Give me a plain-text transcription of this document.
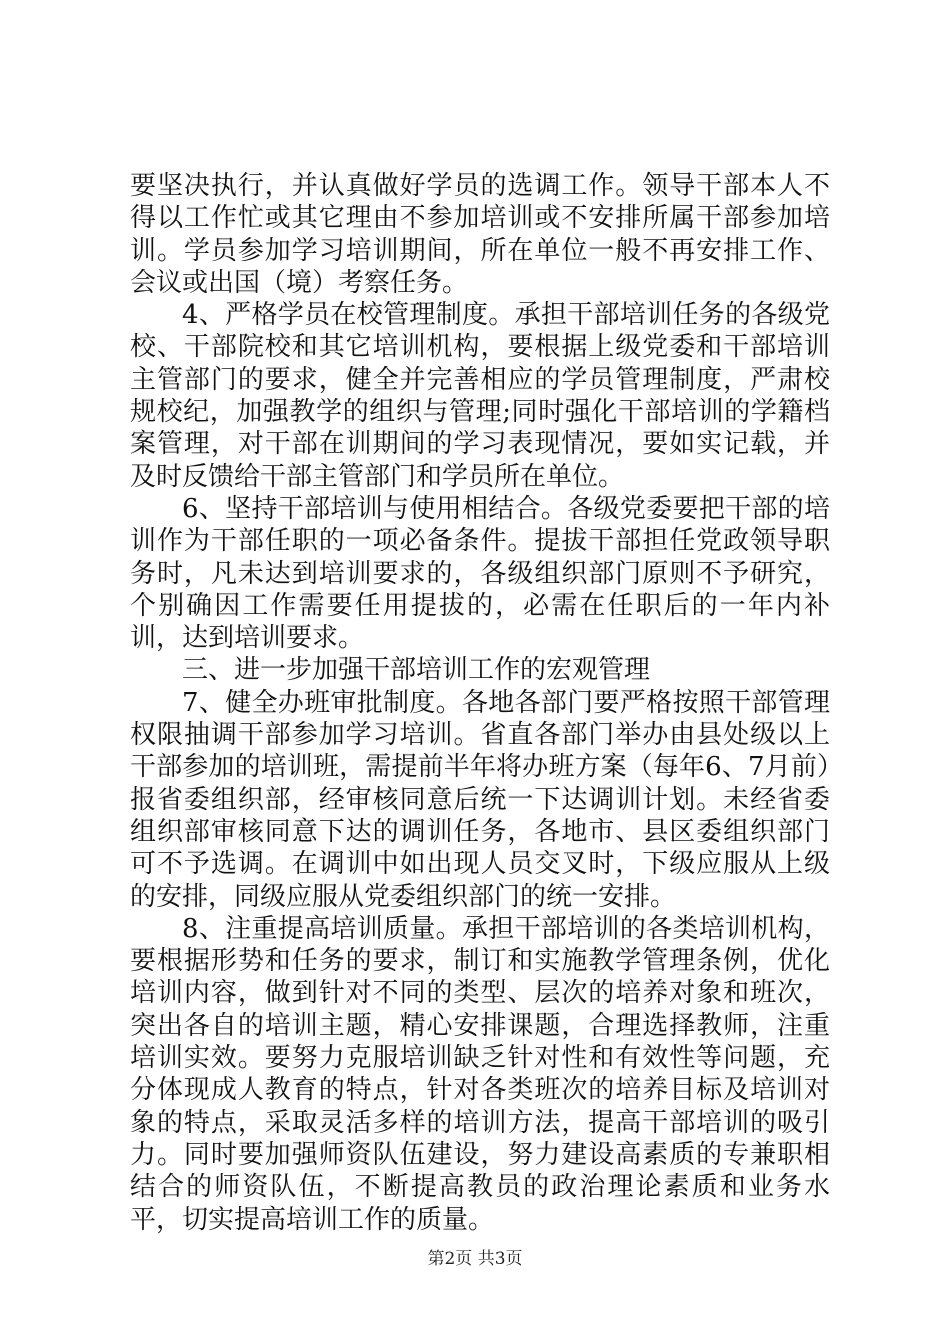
要坚决执行，并认真做好学员的选调工作。领导干部本人不得以工作忙或其它理由不参加培训或不安排所属干部参加培训。学员参加学习培训期间，所在单位一般不再安排工作、会议或出国（境）考察任务。

4、严格学员在校管理制度。承担干部培训任务的各级党校、干部院校和其它培训机构，要根据上级党委和干部培训主管部门的要求，健全并完善相应的学员管理制度，严肃校规校纪，加强教学的组织与管理;同时强化干部培训的学籍档案管理，对干部在训期间的学习表现情况，要如实记载，并及时反馈给干部主管部门和学员所在单位。

6、坚持干部培训与使用相结合。各级党委要把干部的培训作为干部任职的一项必备条件。提拔干部担任党政领导职务时，凡未达到培训要求的，各级组织部门原则不予研究，个别确因工作需要任用提拔的，必需在任职后的一年内补训，达到培训要求。

三、进一步加强干部培训工作的宏观管理

7、健全办班审批制度。各地各部门要严格按照干部管理权限抽调干部参加学习培训。省直各部门举办由县处级以上干部参加的培训班，需提前半年将办班方案（每年6、7月前）报省委组织部，经审核同意后统一下达调训计划。未经省委组织部审核同意下达的调训任务，各地市、县区委组织部门可不予选调。在调训中如出现人员交叉时，下级应服从上级的安排，同级应服从党委组织部门的统一安排。

8、注重提高培训质量。承担干部培训的各类培训机构，要根据形势和任务的要求，制订和实施教学管理条例，优化培训内容，做到针对不同的类型、层次的培养对象和班次，突出各自的培训主题，精心安排课题，合理选择教师，注重培训实效。要努力克服培训缺乏针对性和有效性等问题，充分体现成人教育的特点，针对各类班次的培养目标及培训对象的特点，采取灵活多样的培训方法，提高干部培训的吸引力。同时要加强师资队伍建设，努力建设高素质的专兼职相结合的师资队伍，不断提高教员的政治理论素质和业务水平，切实提高培训工作的质量。

第2页 共3页
